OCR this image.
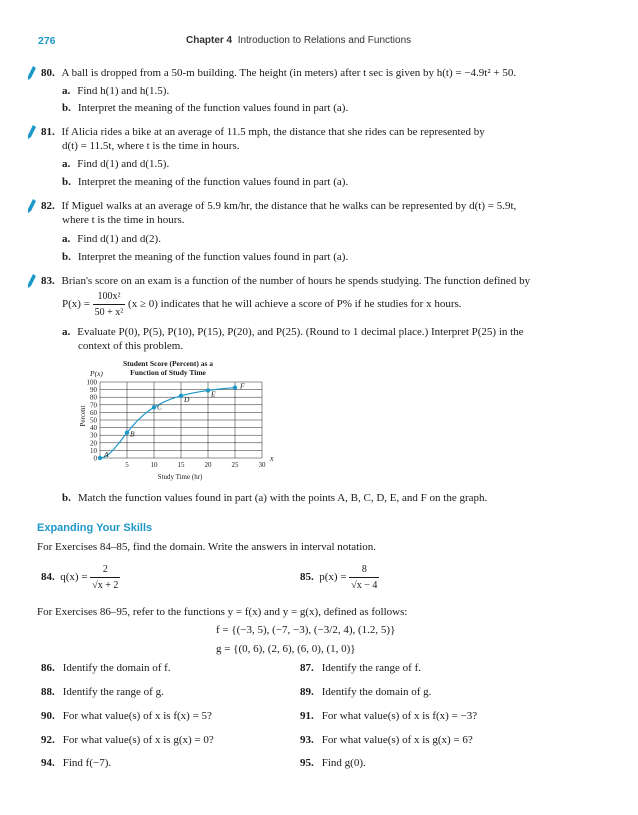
276	Chapter 4 Introduction to Relations and Functions
80. A ball is dropped from a 50-m building. The height (in meters) after t sec is given by h(t) = −4.9t² + 50.
a. Find h(1) and h(1.5).
b. Interpret the meaning of the function values found in part (a).
81. If Alicia rides a bike at an average of 11.5 mph, the distance that she rides can be represented by
d(t) = 11.5t, where t is the time in hours.
a. Find d(1) and d(1.5).
b. Interpret the meaning of the function values found in part (a).
82. If Miguel walks at an average of 5.9 km/hr, the distance that he walks can be represented by d(t) = 5.9t,
where t is the time in hours.
a. Find d(1) and d(2).
b. Interpret the meaning of the function values found in part (a).
83. Brian's score on an exam is a function of the number of hours he spends studying. The function defined by
$P(x) = \frac{\text{100x²}}{\text{50 + x²}} (x \ge 0)$ indicates that he will achieve a score of P% if he studies for x hours.
a. Evaluate P(0), P(5), P(10), P(15), P(20), and P(25). (Round to 1 decimal place.) Interpret P(25) in the
context of this problem.
Student Score (Percent) as a
Function of Study Time
P(x)
x
Percent
Study Time (hr)
0
10
20
30
40
50
60
70
80
90
100
5	10	15	20	25	30
A
B
C
D
E
F
b. Match the function values found in part (a) with the points A, B, C, D, E, and F on the graph.
Expanding Your Skills
For Exercises 84–85, find the domain. Write the answers in interval notation.
84. $q(x) = \frac{2}{√x + 2}$	85. $p(x) = \frac{8}{√x - 4}$
For Exercises 86–95, refer to the functions y = f(x) and y = g(x), defined as follows:
f = {(−3, 5), (−7, −3), (−3/2, 4), (1.2, 5)}
g = {(0, 6), (2, 6), (6, 0), (1, 0)}
86. Identify the domain of f.	87. Identify the range of f.
88. Identify the range of g.	89. Identify the domain of g.
90. For what value(s) of x is f(x) = 5?	91. For what value(s) of x is f(x) = −3?
92. For what value(s) of x is g(x) = 0?	93. For what value(s) of x is g(x) = 6?
94. Find f(−7).	95. Find g(0).
